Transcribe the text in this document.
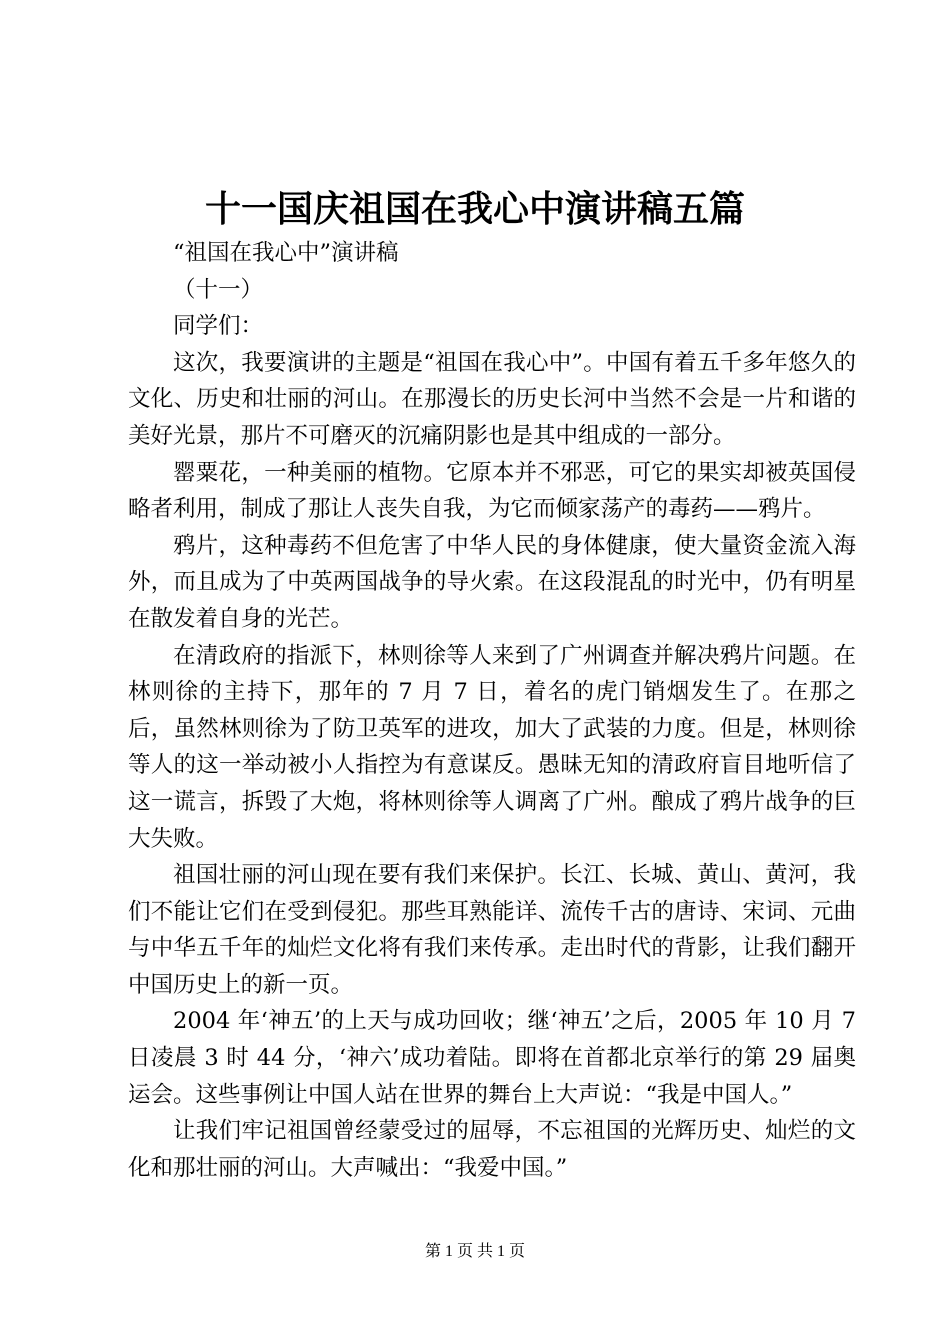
十一国庆祖国在我心中演讲稿五篇

“祖国在我心中”演讲稿

（十一）

同学们：

这次，我要演讲的主题是“祖国在我心中”。中国有着五千多年悠久的文化、历史和壮丽的河山。在那漫长的历史长河中当然不会是一片和谐的美好光景，那片不可磨灭的沉痛阴影也是其中组成的一部分。

罂粟花，一种美丽的植物。它原本并不邪恶，可它的果实却被英国侵略者利用，制成了那让人丧失自我，为它而倾家荡产的毒药——鸦片。

鸦片，这种毒药不但危害了中华人民的身体健康，使大量资金流入海外，而且成为了中英两国战争的导火索。在这段混乱的时光中，仍有明星在散发着自身的光芒。

在清政府的指派下，林则徐等人来到了广州调查并解决鸦片问题。在林则徐的主持下，那年的 7 月 7 日，着名的虎门销烟发生了。在那之后，虽然林则徐为了防卫英军的进攻，加大了武装的力度。但是，林则徐等人的这一举动被小人指控为有意谋反。愚昧无知的清政府盲目地听信了这一谎言，拆毁了大炮，将林则徐等人调离了广州。酿成了鸦片战争的巨大失败。

祖国壮丽的河山现在要有我们来保护。长江、长城、黄山、黄河，我们不能让它们在受到侵犯。那些耳熟能详、流传千古的唐诗、宋词、元曲与中华五千年的灿烂文化将有我们来传承。走出时代的背影，让我们翻开中国历史上的新一页。

2004 年‘神五’的上天与成功回收；继‘神五’之后，2005 年 10 月 7 日凌晨 3 时 44 分，‘神六’成功着陆。即将在首都北京举行的第 29 届奥运会。这些事例让中国人站在世界的舞台上大声说：“我是中国人。”

让我们牢记祖国曾经蒙受过的屈辱，不忘祖国的光辉历史、灿烂的文化和那壮丽的河山。大声喊出：“我爱中国。”

第 1 页 共 1 页
